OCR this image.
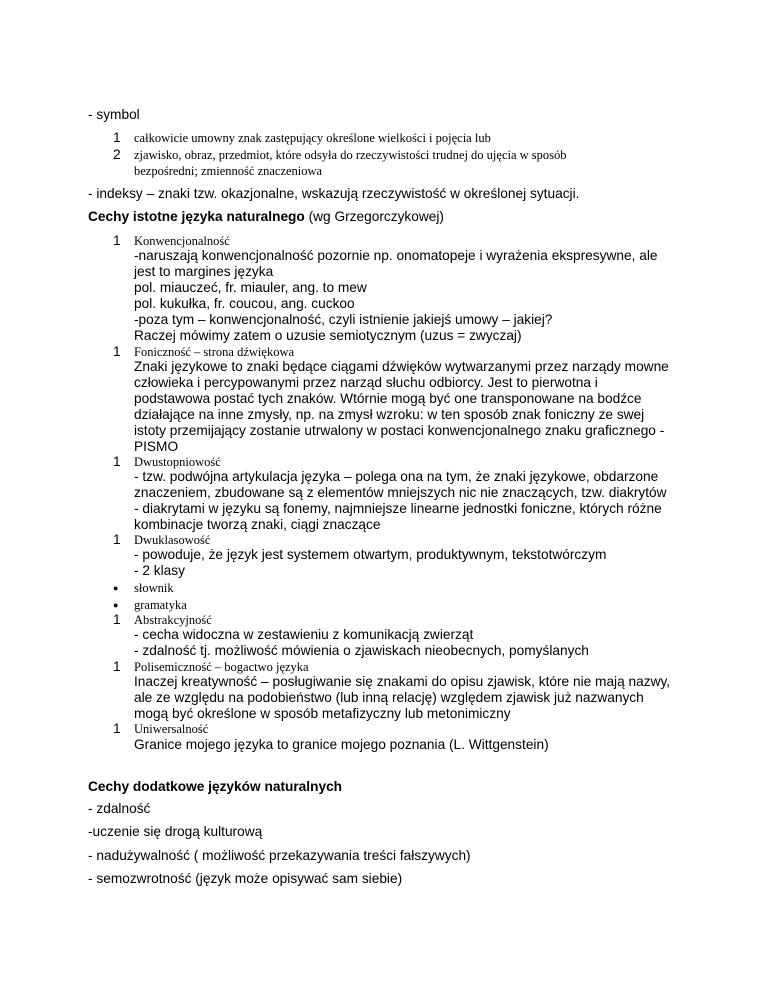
- symbol
1 całkowicie umowny znak zastępujący określone wielkości i pojęcia lub
2 zjawisko, obraz, przedmiot, które odsyła do rzeczywistości trudnej do ujęcia w sposób
bezpośredni; zmienność znaczeniowa
- indeksy – znaki tzw. okazjonalne, wskazują rzeczywistość w określonej sytuacji.
Cechy istotne języka naturalnego (wg Grzegorczykowej)
1 Konwencjonalność
-naruszają konwencjonalność pozornie np. onomatopeje i wyrażenia ekspresywne, ale
jest to margines języka
pol. miauczeć, fr. miauler, ang. to mew
pol. kukułka, fr. coucou, ang. cuckoo
-poza tym – konwencjonalność, czyli istnienie jakiejś umowy – jakiej?
Raczej mówimy zatem o uzusie semiotycznym (uzus = zwyczaj)
1 Foniczność – strona dźwiękowa
Znaki językowe to znaki będące ciągami dźwięków wytwarzanymi przez narządy mowne
człowieka i percypowanymi przez narząd słuchu odbiorcy. Jest to pierwotna i
podstawowa postać tych znaków. Wtórnie mogą być one transponowane na bodźce
działające na inne zmysły, np. na zmysł wzroku: w ten sposób znak foniczny ze swej
istoty przemijający zostanie utrwalony w postaci konwencjonalnego znaku graficznego -
PISMO
1 Dwustopniowość
- tzw. podwójna artykulacja języka – polega ona na tym, że znaki językowe, obdarzone
znaczeniem, zbudowane są z elementów mniejszych nic nie znaczących, tzw. diakrytów
- diakrytami w języku są fonemy, najmniejsze linearne jednostki foniczne, których różne
kombinacje tworzą znaki, ciągi znaczące
1 Dwuklasowość
- powoduje, że język jest systemem otwartym, produktywnym, tekstotwórczym
- 2 klasy
● słownik
● gramatyka
1 Abstrakcyjność
- cecha widoczna w zestawieniu z komunikacją zwierząt
- zdalność tj. możliwość mówienia o zjawiskach nieobecnych, pomyślanych
1 Polisemiczność – bogactwo języka
Inaczej kreatywność – posługiwanie się znakami do opisu zjawisk, które nie mają nazwy,
ale ze względu na podobieństwo (lub inną relację) względem zjawisk już nazwanych
mogą być określone w sposób metafizyczny lub metonimiczny
1 Uniwersalność
Granice mojego języka to granice mojego poznania (L. Wittgenstein)
Cechy dodatkowe języków naturalnych
- zdalność
-uczenie się drogą kulturową
- nadużywalność ( możliwość przekazywania treści fałszywych)
- semozwrotność (język może opisywać sam siebie)
